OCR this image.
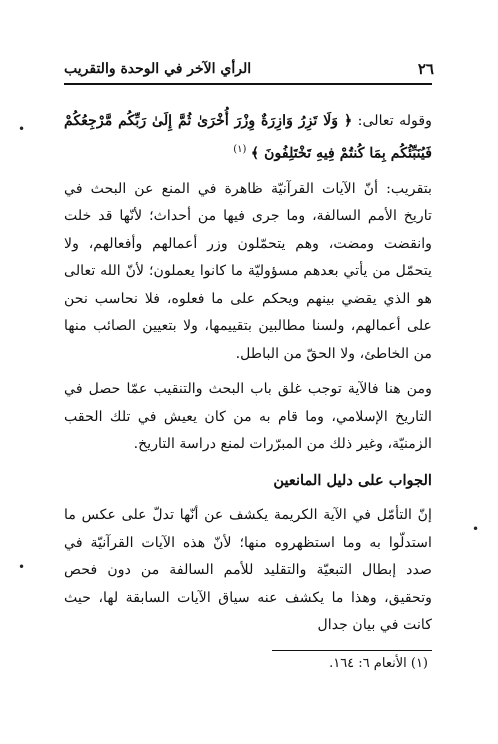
٢٦
الرأي الآخر في الوحدة والتقريب
•
•
•

وقوله تعالى: ﴿ وَلَا تَزِرُ وَازِرَةٌ وِزْرَ أُخْرَىٰ ثُمَّ إِلَىٰ رَبِّكُم مَّرْجِعُكُمْ فَيُنَبِّئُكُم بِمَا كُنتُمْ فِيهِ تَخْتَلِفُونَ ﴾ $^{(١)}$

بتقريب: أنّ الآيات القرآنيّة ظاهرة في المنع عن البحث في تاريخ الأمم السالفة، وما جرى فيها من أحداث؛ لأنّها قد خلت وانقضت ومضت، وهم يتحمّلون وزر أعمالهم وأفعالهم، ولا يتحمّل من يأتي بعدهم مسؤوليّة ما كانوا يعملون؛ لأنّ الله تعالى هو الذي يقضي بينهم ويحكم على ما فعلوه، فلا نحاسب نحن على أعمالهم، ولسنا مطالبين بتقييمها، ولا بتعيين الصائب منها من الخاطئ، ولا الحقّ من الباطل.

ومن هنا فالآية توجب غلق باب البحث والتنقيب عمّا حصل في التاريخ الإسلامي، وما قام به من كان يعيش في تلك الحقب الزمنيّة، وغير ذلك من المبرّرات لمنع دراسة التاريخ.

الجواب على دليل المانعين

إنّ التأمّل في الآية الكريمة يكشف عن أنّها تدلّ على عكس ما استدلّوا به وما استظهروه منها؛ لأنّ هذه الآيات القرآنيّة في صدد إبطال التبعيّة والتقليد للأمم السالفة من دون فحص وتحقيق، وهذا ما يكشف عنه سياق الآيات السابقة لها، حيث كانت في بيان جدال

(١) الأنعام ٦: ١٦٤.
